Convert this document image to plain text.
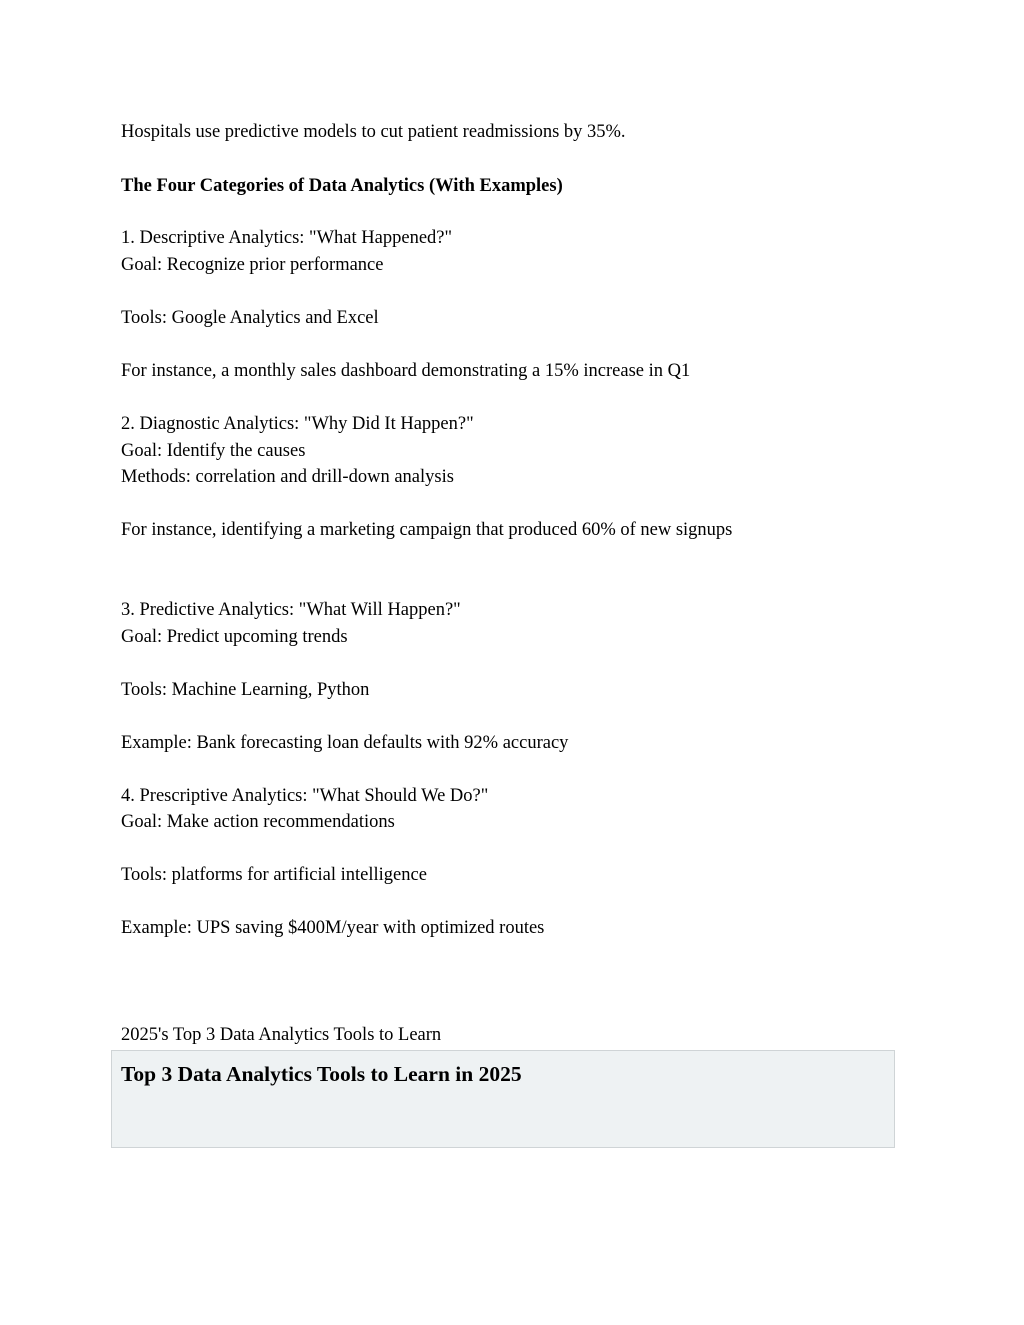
Hospitals use predictive models to cut patient readmissions by 35%.

The Four Categories of Data Analytics (With Examples)

1. Descriptive Analytics: "What Happened?"

Goal: Recognize prior performance

Tools: Google Analytics and Excel

For instance, a monthly sales dashboard demonstrating a 15% increase in Q1

2. Diagnostic Analytics: "Why Did It Happen?"

Goal: Identify the causes

Methods: correlation and drill-down analysis

For instance, identifying a marketing campaign that produced 60% of new signups

3. Predictive Analytics: "What Will Happen?"

Goal: Predict upcoming trends

Tools: Machine Learning, Python

Example: Bank forecasting loan defaults with 92% accuracy

4. Prescriptive Analytics: "What Should We Do?"

Goal: Make action recommendations

Tools: platforms for artificial intelligence

Example: UPS saving $400M/year with optimized routes

2025's Top 3 Data Analytics Tools to Learn

Top 3 Data Analytics Tools to Learn in 2025
